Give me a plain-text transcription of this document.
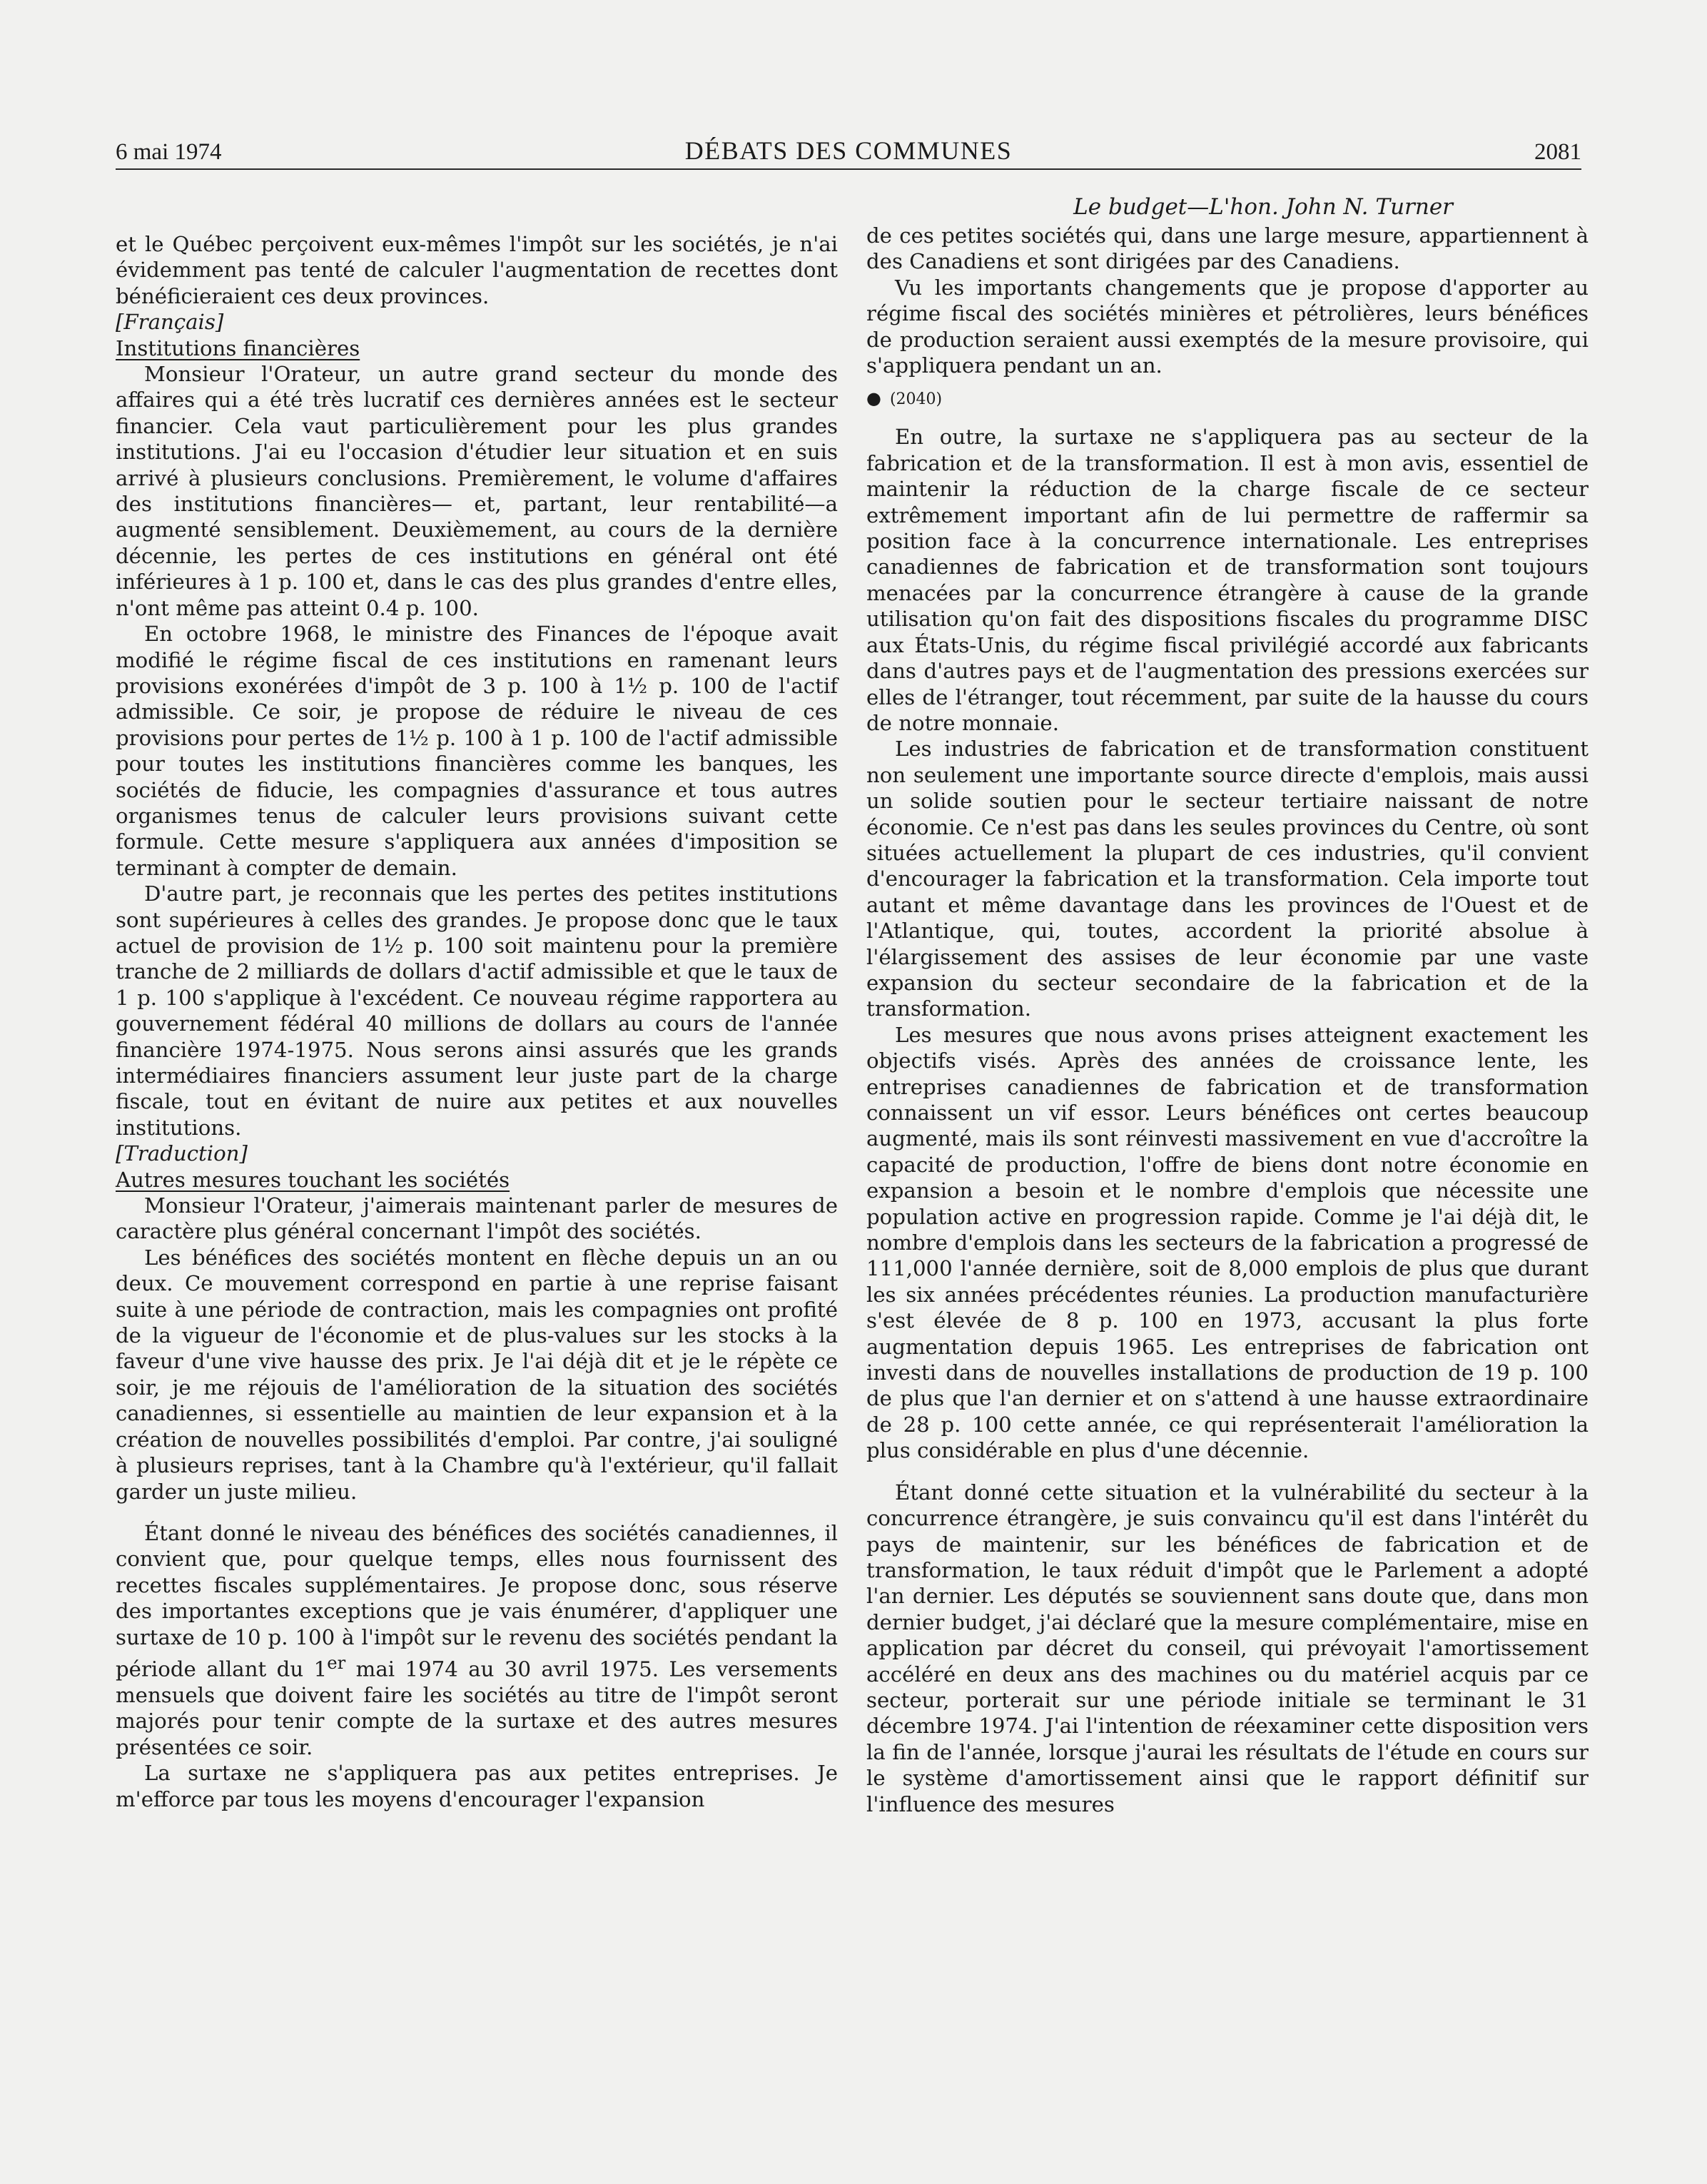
6 mai 1974	DÉBATS DES COMMUNES	2081

et le Québec perçoivent eux-mêmes l'impôt sur les sociétés, je n'ai évidemment pas tenté de calculer l'augmentation de recettes dont bénéficieraient ces deux provinces.

[Français]

Institutions financières

Monsieur l'Orateur, un autre grand secteur du monde des affaires qui a été très lucratif ces dernières années est le secteur financier. Cela vaut particulièrement pour les plus grandes institutions. J'ai eu l'occasion d'étudier leur situation et en suis arrivé à plusieurs conclusions. Premièrement, le volume d'affaires des institutions financières— et, partant, leur rentabilité—a augmenté sensiblement. Deuxièmement, au cours de la dernière décennie, les pertes de ces institutions en général ont été inférieures à 1 p. 100 et, dans le cas des plus grandes d'entre elles, n'ont même pas atteint 0.4 p. 100.

En octobre 1968, le ministre des Finances de l'époque avait modifié le régime fiscal de ces institutions en ramenant leurs provisions exonérées d'impôt de 3 p. 100 à 1½ p. 100 de l'actif admissible. Ce soir, je propose de réduire le niveau de ces provisions pour pertes de 1½ p. 100 à 1 p. 100 de l'actif admissible pour toutes les institutions financières comme les banques, les sociétés de fiducie, les compagnies d'assurance et tous autres organismes tenus de calculer leurs provisions suivant cette formule. Cette mesure s'appliquera aux années d'imposition se terminant à compter de demain.

D'autre part, je reconnais que les pertes des petites institutions sont supérieures à celles des grandes. Je propose donc que le taux actuel de provision de 1½ p. 100 soit maintenu pour la première tranche de 2 milliards de dollars d'actif admissible et que le taux de 1 p. 100 s'applique à l'excédent. Ce nouveau régime rapportera au gouvernement fédéral 40 millions de dollars au cours de l'année financière 1974-1975. Nous serons ainsi assurés que les grands intermédiaires financiers assument leur juste part de la charge fiscale, tout en évitant de nuire aux petites et aux nouvelles institutions.

[Traduction]

Autres mesures touchant les sociétés

Monsieur l'Orateur, j'aimerais maintenant parler de mesures de caractère plus général concernant l'impôt des sociétés.

Les bénéfices des sociétés montent en flèche depuis un an ou deux. Ce mouvement correspond en partie à une reprise faisant suite à une période de contraction, mais les compagnies ont profité de la vigueur de l'économie et de plus-values sur les stocks à la faveur d'une vive hausse des prix. Je l'ai déjà dit et je le répète ce soir, je me réjouis de l'amélioration de la situation des sociétés canadiennes, si essentielle au maintien de leur expansion et à la création de nouvelles possibilités d'emploi. Par contre, j'ai souligné à plusieurs reprises, tant à la Chambre qu'à l'extérieur, qu'il fallait garder un juste milieu.

Étant donné le niveau des bénéfices des sociétés canadiennes, il convient que, pour quelque temps, elles nous fournissent des recettes fiscales supplémentaires. Je propose donc, sous réserve des importantes exceptions que je vais énumérer, d'appliquer une surtaxe de 10 p. 100 à l'impôt sur le revenu des sociétés pendant la période allant du 1er mai 1974 au 30 avril 1975. Les versements mensuels que doivent faire les sociétés au titre de l'impôt seront majorés pour tenir compte de la surtaxe et des autres mesures présentées ce soir.

La surtaxe ne s'appliquera pas aux petites entreprises. Je m'efforce par tous les moyens d'encourager l'expansion

Le budget—L'hon. John N. Turner

de ces petites sociétés qui, dans une large mesure, appartiennent à des Canadiens et sont dirigées par des Canadiens.

Vu les importants changements que je propose d'apporter au régime fiscal des sociétés minières et pétrolières, leurs bénéfices de production seraient aussi exemptés de la mesure provisoire, qui s'appliquera pendant un an.

● (2040)

En outre, la surtaxe ne s'appliquera pas au secteur de la fabrication et de la transformation. Il est à mon avis, essentiel de maintenir la réduction de la charge fiscale de ce secteur extrêmement important afin de lui permettre de raffermir sa position face à la concurrence internationale. Les entreprises canadiennes de fabrication et de transformation sont toujours menacées par la concurrence étrangère à cause de la grande utilisation qu'on fait des dispositions fiscales du programme DISC aux États-Unis, du régime fiscal privilégié accordé aux fabricants dans d'autres pays et de l'augmentation des pressions exercées sur elles de l'étranger, tout récemment, par suite de la hausse du cours de notre monnaie.

Les industries de fabrication et de transformation constituent non seulement une importante source directe d'emplois, mais aussi un solide soutien pour le secteur tertiaire naissant de notre économie. Ce n'est pas dans les seules provinces du Centre, où sont situées actuellement la plupart de ces industries, qu'il convient d'encourager la fabrication et la transformation. Cela importe tout autant et même davantage dans les provinces de l'Ouest et de l'Atlantique, qui, toutes, accordent la priorité absolue à l'élargissement des assises de leur économie par une vaste expansion du secteur secondaire de la fabrication et de la transformation.

Les mesures que nous avons prises atteignent exactement les objectifs visés. Après des années de croissance lente, les entreprises canadiennes de fabrication et de transformation connaissent un vif essor. Leurs bénéfices ont certes beaucoup augmenté, mais ils sont réinvesti massivement en vue d'accroître la capacité de production, l'offre de biens dont notre économie en expansion a besoin et le nombre d'emplois que nécessite une population active en progression rapide. Comme je l'ai déjà dit, le nombre d'emplois dans les secteurs de la fabrication a progressé de 111,000 l'année dernière, soit de 8,000 emplois de plus que durant les six années précédentes réunies. La production manufacturière s'est élevée de 8 p. 100 en 1973, accusant la plus forte augmentation depuis 1965. Les entreprises de fabrication ont investi dans de nouvelles installations de production de 19 p. 100 de plus que l'an dernier et on s'attend à une hausse extraordinaire de 28 p. 100 cette année, ce qui représenterait l'amélioration la plus considérable en plus d'une décennie.

Étant donné cette situation et la vulnérabilité du secteur à la concurrence étrangère, je suis convaincu qu'il est dans l'intérêt du pays de maintenir, sur les bénéfices de fabrication et de transformation, le taux réduit d'impôt que le Parlement a adopté l'an dernier. Les députés se souviennent sans doute que, dans mon dernier budget, j'ai déclaré que la mesure complémentaire, mise en application par décret du conseil, qui prévoyait l'amortissement accéléré en deux ans des machines ou du matériel acquis par ce secteur, porterait sur une période initiale se terminant le 31 décembre 1974. J'ai l'intention de réexaminer cette disposition vers la fin de l'année, lorsque j'aurai les résultats de l'étude en cours sur le système d'amortissement ainsi que le rapport définitif sur l'influence des mesures
